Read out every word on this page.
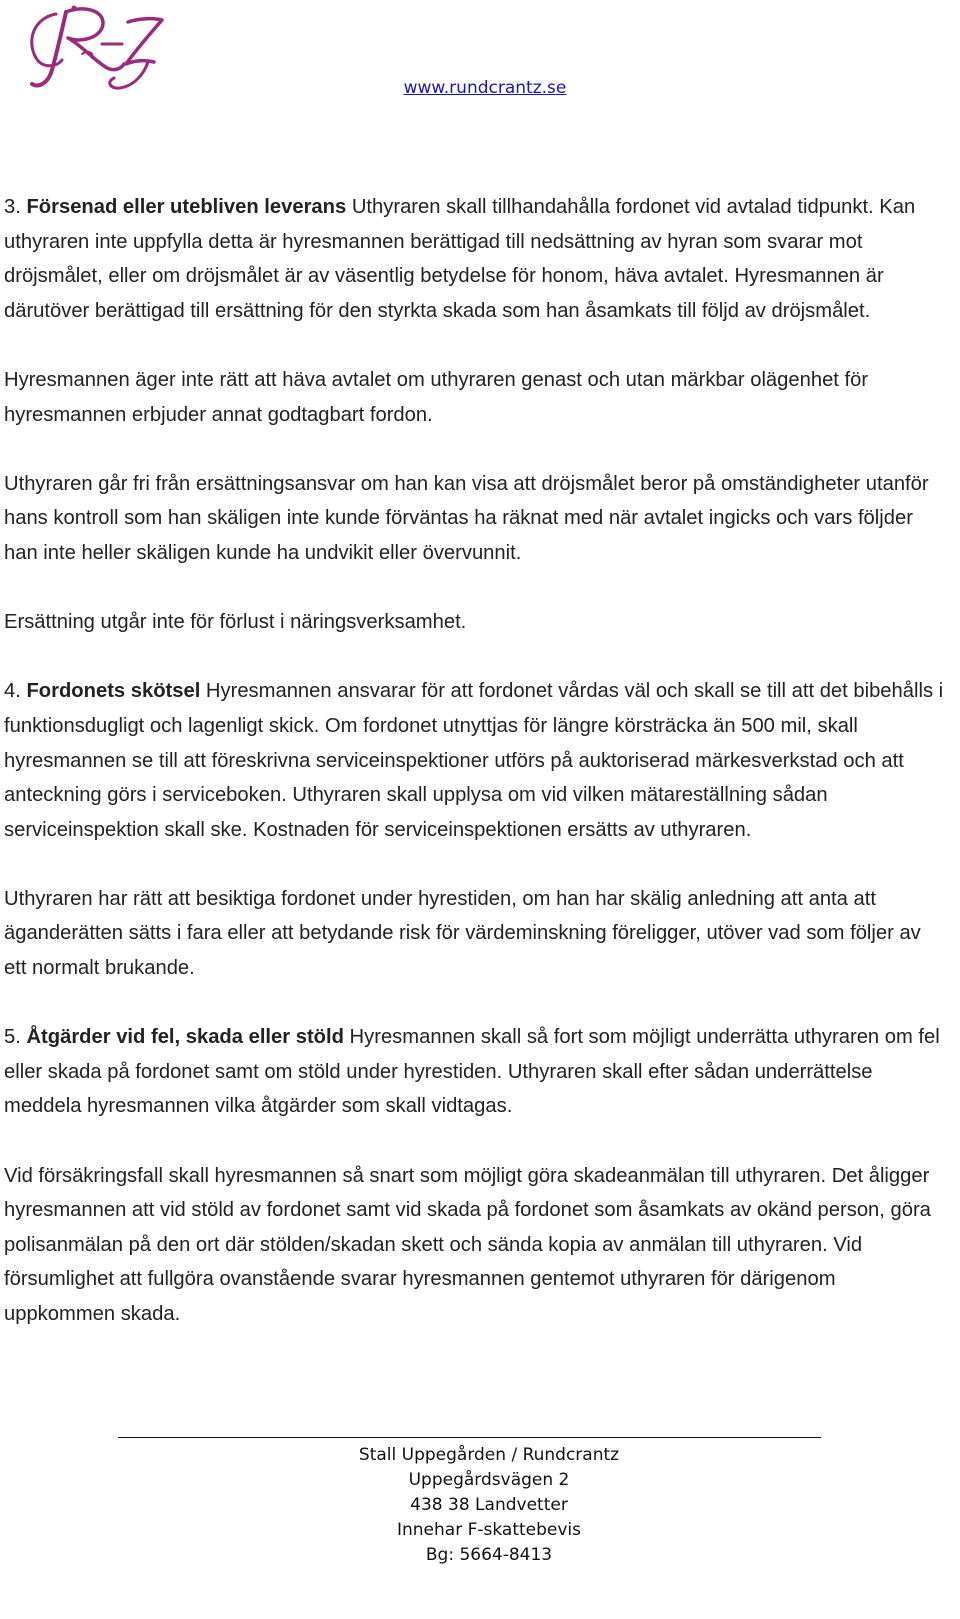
www.rundcrantz.se

3. Försenad eller utebliven leverans Uthyraren skall tillhandahålla fordonet vid avtalad tidpunkt. Kan uthyraren inte uppfylla detta är hyresmannen berättigad till nedsättning av hyran som svarar mot dröjsmålet, eller om dröjsmålet är av väsentlig betydelse för honom, häva avtalet. Hyresmannen är därutöver berättigad till ersättning för den styrkta skada som han åsamkats till följd av dröjsmålet.

Hyresmannen äger inte rätt att häva avtalet om uthyraren genast och utan märkbar olägenhet för hyresmannen erbjuder annat godtagbart fordon.

Uthyraren går fri från ersättningsansvar om han kan visa att dröjsmålet beror på omständigheter utanför hans kontroll som han skäligen inte kunde förväntas ha räknat med när avtalet ingicks och vars följder han inte heller skäligen kunde ha undvikit eller övervunnit.

Ersättning utgår inte för förlust i näringsverksamhet.

4. Fordonets skötsel Hyresmannen ansvarar för att fordonet vårdas väl och skall se till att det bibehålls i funktionsdugligt och lagenligt skick. Om fordonet utnyttjas för längre körsträcka än 500 mil, skall hyresmannen se till att föreskrivna serviceinspektioner utförs på auktoriserad märkesverkstad och att anteckning görs i serviceboken. Uthyraren skall upplysa om vid vilken mätareställning sådan serviceinspektion skall ske. Kostnaden för serviceinspektionen ersätts av uthyraren.

Uthyraren har rätt att besiktiga fordonet under hyrestiden, om han har skälig anledning att anta att äganderätten sätts i fara eller att betydande risk för värdeminskning föreligger, utöver vad som följer av ett normalt brukande.

5. Åtgärder vid fel, skada eller stöld Hyresmannen skall så fort som möjligt underrätta uthyraren om fel eller skada på fordonet samt om stöld under hyrestiden. Uthyraren skall efter sådan underrättelse meddela hyresmannen vilka åtgärder som skall vidtagas.

Vid försäkringsfall skall hyresmannen så snart som möjligt göra skadeanmälan till uthyraren. Det åligger hyresmannen att vid stöld av fordonet samt vid skada på fordonet som åsamkats av okänd person, göra polisanmälan på den ort där stölden/skadan skett och sända kopia av anmälan till uthyraren. Vid försumlighet att fullgöra ovanstående svarar hyresmannen gentemot uthyraren för därigenom uppkommen skada.

Stall Uppegården / Rundcrantz
Uppegårdsvägen 2
438 38 Landvetter
Innehar F-skattebevis
Bg: 5664-8413
